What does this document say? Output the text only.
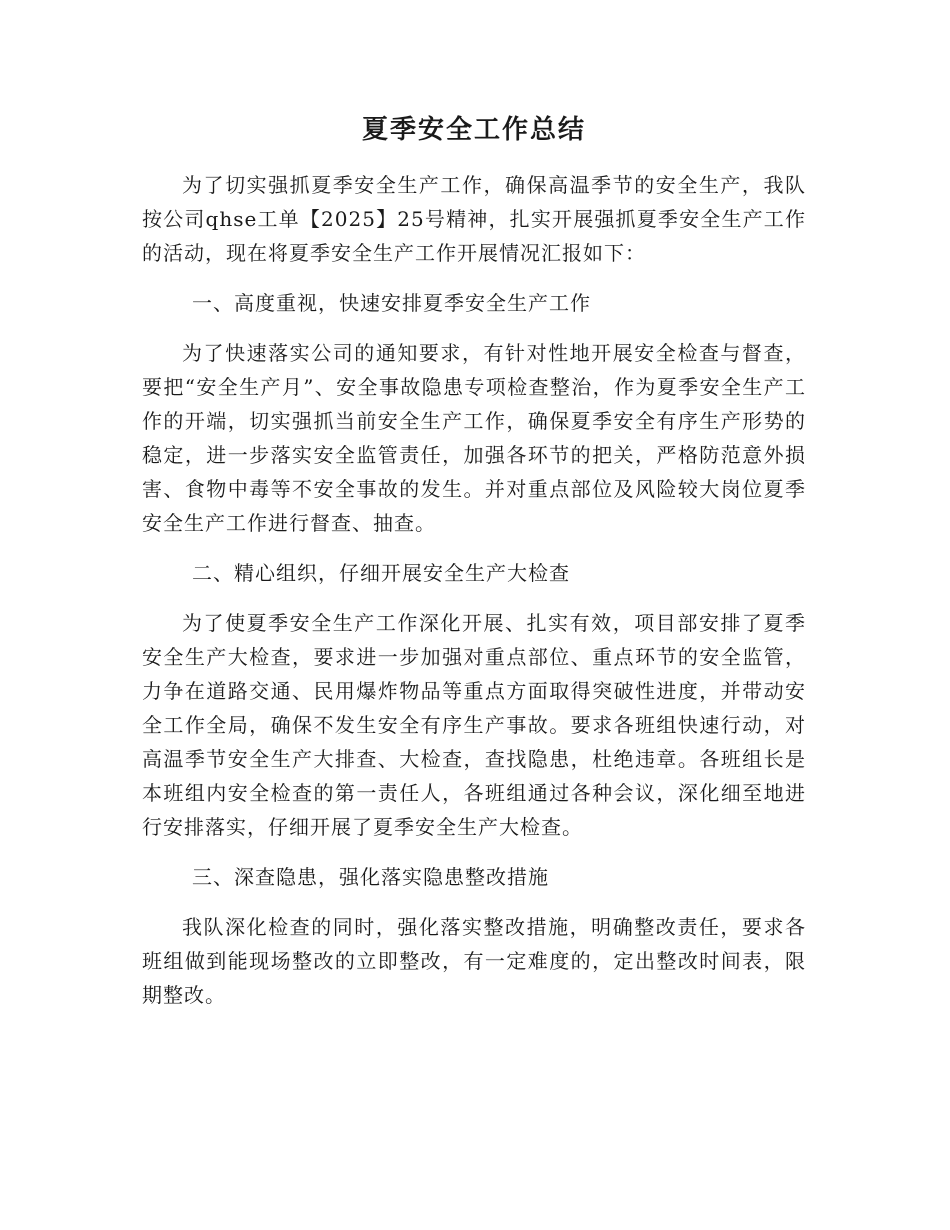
夏季安全工作总结

为了切实强抓夏季安全生产工作，确保高温季节的安全生产，我队按公司qhse工单【2025】25号精神，扎实开展强抓夏季安全生产工作的活动，现在将夏季安全生产工作开展情况汇报如下：

一、高度重视，快速安排夏季安全生产工作

为了快速落实公司的通知要求，有针对性地开展安全检查与督查，要把“安全生产月”、安全事故隐患专项检查整治，作为夏季安全生产工作的开端，切实强抓当前安全生产工作，确保夏季安全有序生产形势的稳定，进一步落实安全监管责任，加强各环节的把关，严格防范意外损害、食物中毒等不安全事故的发生。并对重点部位及风险较大岗位夏季安全生产工作进行督查、抽查。

二、精心组织，仔细开展安全生产大检查

为了使夏季安全生产工作深化开展、扎实有效，项目部安排了夏季安全生产大检查，要求进一步加强对重点部位、重点环节的安全监管，力争在道路交通、民用爆炸物品等重点方面取得突破性进度，并带动安全工作全局，确保不发生安全有序生产事故。要求各班组快速行动，对高温季节安全生产大排查、大检查，查找隐患，杜绝违章。各班组长是本班组内安全检查的第一责任人，各班组通过各种会议，深化细至地进行安排落实，仔细开展了夏季安全生产大检查。

三、深查隐患，强化落实隐患整改措施

我队深化检查的同时，强化落实整改措施，明确整改责任，要求各班组做到能现场整改的立即整改，有一定难度的，定出整改时间表，限期整改。
